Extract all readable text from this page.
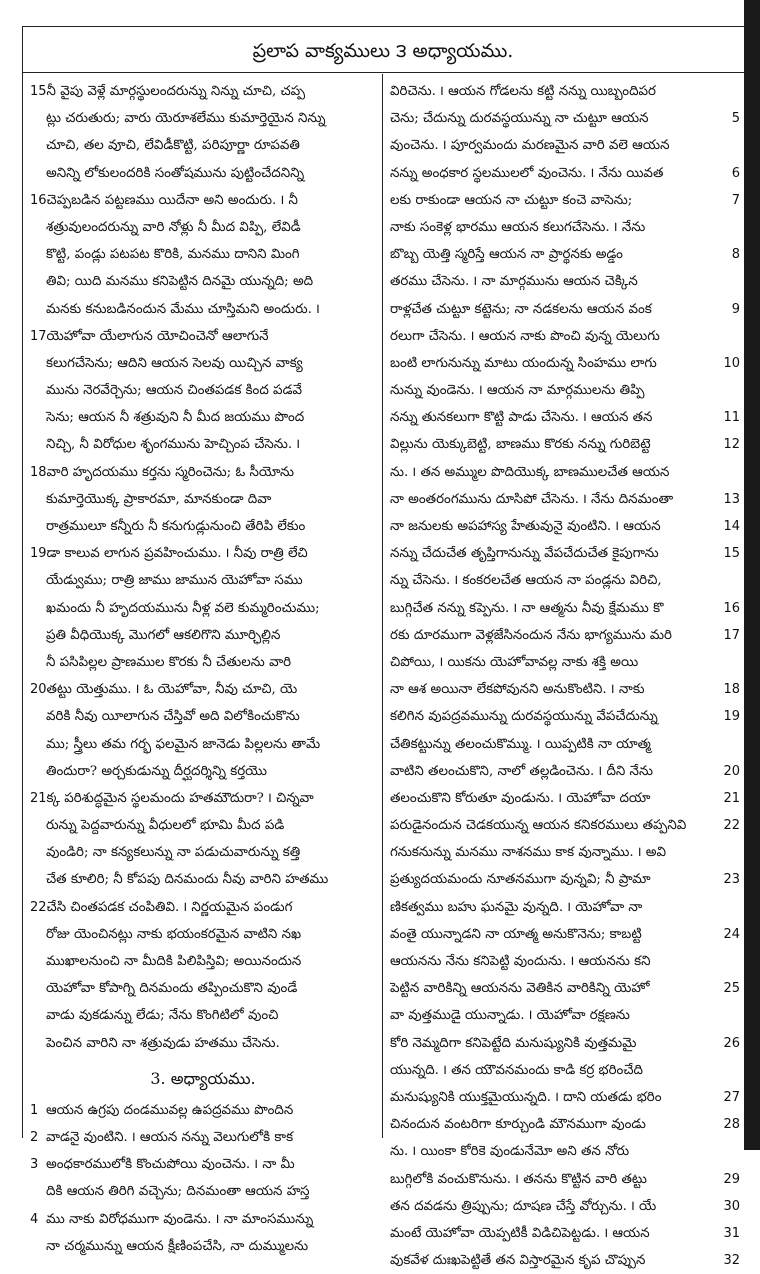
ప్రలాప వాక్యములు ౩ అధ్యాయము.
15నీ వైపు వెళ్లే మార్గస్థులందరున్ను నిన్ను చూచి, చప్ప
ట్లు చరుతురు; వారు యెరూశలేము కుమార్తెయైన నిన్ను
చూచి, తల వూచి, లేవిడీకొట్టి, పరిపూర్ణా రూపవతి
అనిన్ని లోకులందరికి సంతోషమును పుట్టించేదనిన్ని
16చెప్పబడిన పట్టణము యిదేనా అని అందురు. ౹ నీ
శత్రువులందరున్ను వారి నోళ్లు నీ మీద విప్పి, లేవిడీ
కొట్టి, పండ్లు పటపట కొరికి, మనము దానిని మింగి
తివి; యిది మనము కనిపెట్టిన దినమై యున్నది; అది
మనకు కనుబడినందున మేము చూస్తిమని అందురు. ౹
17యెహోవా యేలాగున యోచించెనో ఆలాగునే
కలుగచేసెను; ఆదిని ఆయన సెలవు యిచ్చిన వాక్య
మును నెరవేర్చెను; ఆయన చింతపడక కింద పడవే
సెను; ఆయన నీ శత్రువుని నీ మీద జయము పొంద
నిచ్చి, నీ విరోధుల శృంగమును హెచ్చింప చేసెను. ౹
18వారి హృదయము కర్తను స్మరించెను; ఓ సీయోను
కుమార్తెయొక్క ప్రాకారమా, మానకుండా దివా
రాత్రములూ కన్నీరు నీ కనుగుడ్లునుంచి తేరిపి లేకుం
19డా కాలువ లాగున ప్రవహించుము. ౹ నీవు రాత్రి లేచి
యేడ్వుము; రాత్రి జాము జామున యెహోవా సము
ఖమందు నీ హృదయమును నీళ్ల వలె కుమ్మరించుము;
ప్రతి వీధియొక్క మొగలో ఆకలిగొని మూర్ఛిల్లిన
నీ పసిపిల్లల ప్రాణముల కొరకు నీ చేతులను వారి
20తట్టు యెత్తుము. ౹ ఓ యెహోవా, నీవు చూచి, యె
వరికి నీవు యీలాగున చేస్తివో అది విలోకించుకొను
ము; స్త్రీలు తమ గర్భ ఫలమైన జానెడు పిల్లలను తామే
తిందురా? అర్చకుడున్ను దీర్ఘదర్శిన్ని కర్తయొ
21క్క పరిశుద్ధమైన స్థలమందు హతమౌదురా? ౹ చిన్నవా
రున్ను పెద్దవారున్ను వీధులలో భూమి మీద పడి
వుండిరి; నా కన్యకలున్ను నా పడుచువారున్ను కత్తి
చేత కూలిరి; నీ కోపపు దినమందు నీవు వారిని హతము
22చేసి చింతపడక చంపితివి. ౹ నిర్ణయమైన పండుగ
రోజు యెంచినట్లు నాకు భయంకరమైన వాటిని నఖ
ముఖాలనుంచి నా మీదికి పిలిపిస్తివి; అయినందున
యెహోవా కోపాగ్ని దినమందు తప్పించుకొని వుండే
వాడు వుకడున్ను లేడు; నేను కొంగిటిలో వుంచి
పెంచిన వారిని నా శత్రువుడు హతము చేసెను.
3. అధ్యాయము.
1 ఆయన ఉగ్రపు దండమువల్ల ఉపద్రవము పొందిన
2 వాడనై వుంటిని. ౹ ఆయన నన్ను వెలుగులోకి కాక
3 అంధకారములోకి కొంచుపోయి వుంచెను. ౹ నా మీ
దికి ఆయన తిరిగి వచ్చెను; దినమంతా ఆయన హస్త
4 ము నాకు విరోధముగా వుండెను. ౹ నా మాంసమున్ను
నా చర్మమున్ను ఆయన క్షీణింపచేసి, నా దుమ్ములను
విరిచెను. ౹ ఆయన గోడలను కట్టి నన్ను యిబ్బందిపర
5
చెను; చేదున్ను దురవస్థయున్ను నా చుట్టూ ఆయన
వుంచెను. ౹ పూర్వమందు మరణమైన వారి వలె ఆయన
6
నన్ను అంధకార స్థలములలో వుంచెను. ౹ నేను యివత
7
లకు రాకుండా ఆయన నా చుట్టూ కంచె వాసెను;
నాకు సంకెళ్ల భారము ఆయన కలుగచేసెను. ౹ నేను
8
బొబ్బ యెత్తి స్మరిస్తే ఆయన నా ప్రార్థనకు అడ్డం
తరము చేసెను. ౹ నా మార్గమును ఆయన చెక్కిన
9
రాళ్లచేత చుట్టూ కట్టెను; నా నడకలను ఆయన వంక
రలుగా చేసెను. ౹ ఆయన నాకు పొంచి వున్న యెలుగు
10
బంటి లాగునున్ను మాటు యందున్న సింహము లాగు
నున్ను వుండెను. ౹ ఆయన నా మార్గములను తిప్పి
11
నన్ను తునకలుగా కొట్టి పాడు చేసెను. ౹ ఆయన తన
12
విల్లును యెక్కుబెట్టి, బాణము కొరకు నన్ను గురిబెట్టె
ను. ౹ తన అమ్ముల పొదియొక్క బాణములచేత ఆయన
13
నా అంతరంగమును దూసిపో చేసెను. ౹ నేను దినమంతా
14
నా జనులకు అపహాస్య హేతువునై వుంటిని. ౹ ఆయన
15
నన్ను చేదుచేత తృప్తిగానున్ను వేపచేదుచేత కైపుగాను
న్ను చేసెను. ౹ కంకరలచేత ఆయన నా పండ్లను విరిచి,
16
బుగ్గిచేత నన్ను కప్పెను. ౹ నా ఆత్మను నీవు క్షేమము కొ
17
రకు దూరముగా వెళ్లజేసినందున నేను భాగ్యమును మరి
చిపోయి, ౹ యికను యెహోవావల్ల నాకు శక్తి అయి
18
నా ఆశ అయినా లేకపోవునని అనుకొంటిని. ౹ నాకు
19
కలిగిన వుపద్రవమున్ను దురవస్థయున్ను వేపచేదున్ను
చేతికట్టున్ను తలంచుకొమ్ము. ౹ యిప్పటికి నా యాత్మ
20
వాటిని తలంచుకొని, నాలో తల్లడించెను. ౹ దీని నేను
21
తలంచుకొని కోరుతూ వుండును. ౹ యెహోవా దయా
22
పరుడైనందున చెడకయున్న ఆయన కనికరములు తప్పనివి
గనుకనున్ను మనము నాశనము కాక వున్నాము. ౹ అవి
23
ప్రత్యుదయమందు నూతనముగా వున్నవి; నీ ప్రామా
ణికత్వము బహు ఘనమై వున్నది. ౹ యెహోవా నా
24
వంతై యున్నాడని నా యాత్మ అనుకొనెను; కాబట్టి
ఆయనను నేను కనిపెట్టి వుందును. ౹ ఆయనను కని
25
పెట్టిన వారికిన్ని ఆయనను వెతికిన వారికిన్ని యెహో
వా వుత్తముడై యున్నాడు. ౹ యెహోవా రక్షణను
26
కోరి నెమ్మదిగా కనిపెట్టేది మనుష్యునికి వుత్తమమై
యున్నది. ౹ తన యౌవనమందు కాడి కర్ర భరించేది
27
మనుష్యునికి యుక్తమైయున్నది. ౹ దాని యతడు భరిం
28
చినందున వంటరిగా కూర్చుండి మౌనముగా వుండు
ను. ౹ యింకా కోరికె వుండునేమో అని తన నోరు
29
బుగ్గిలోకి వంచుకొనును. ౹ తనను కొట్టిన వారి తట్టు
30
తన దవడను త్రిప్పును; దూషణ చేస్తే వోర్చును. ౹ యే
31
మంటే యెహోవా యెప్పటికీ విడిచిపెట్టడు. ౹ ఆయన
32
వుకవేళ దుఃఖపెట్టితే తన విస్తారమైన కృప చొప్పున
